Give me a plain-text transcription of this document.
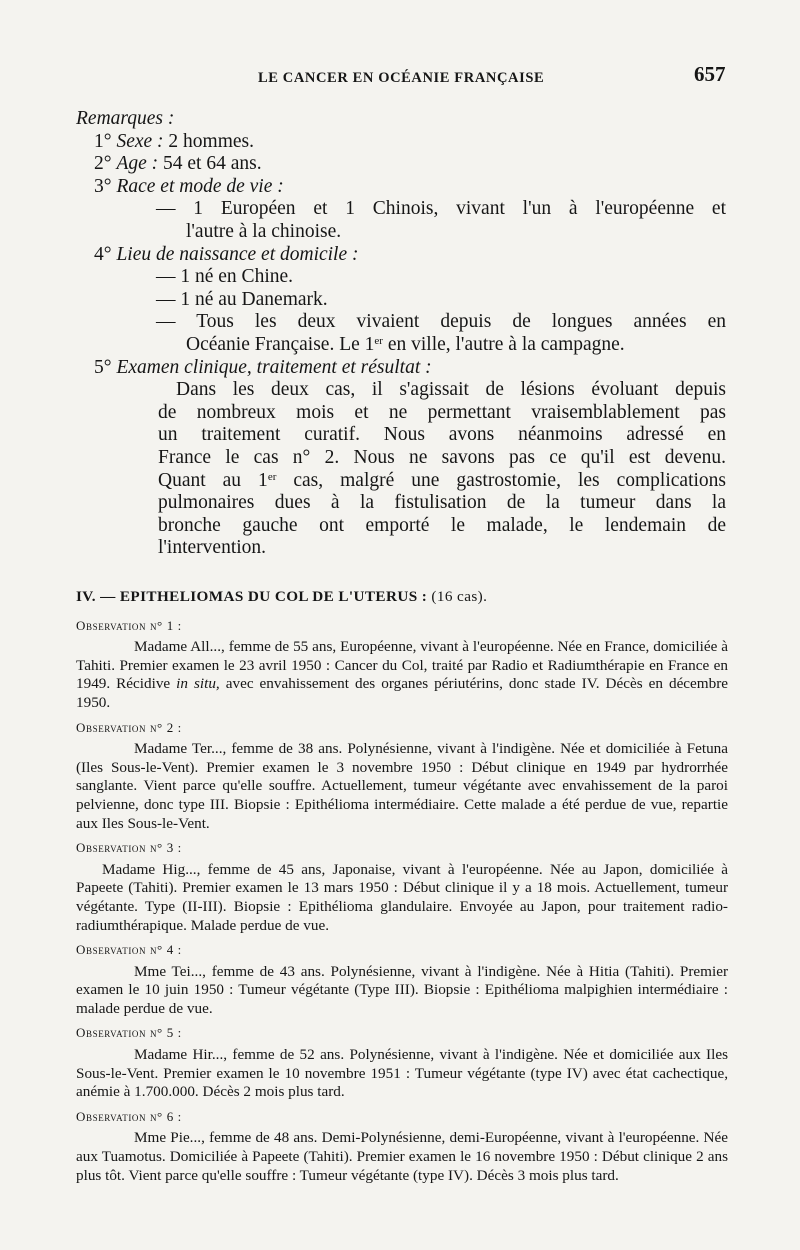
LE CANCER EN OCÉANIE FRANÇAISE	657
Remarques :
1° Sexe : 2 hommes.
2° Age : 54 et 64 ans.
3° Race et mode de vie :
— 1 Européen et 1 Chinois, vivant l'un à l'européenne et
l'autre à la chinoise.
4° Lieu de naissance et domicile :
— 1 né en Chine.
— 1 né au Danemark.
— Tous les deux vivaient depuis de longues années en
Océanie Française. Le 1er en ville, l'autre à la campagne.
5° Examen clinique, traitement et résultat :
Dans les deux cas, il s'agissait de lésions évoluant depuis
de nombreux mois et ne permettant vraisemblablement pas
un traitement curatif. Nous avons néanmoins adressé en
France le cas n° 2. Nous ne savons pas ce qu'il est devenu.
Quant au 1er cas, malgré une gastrostomie, les complications
pulmonaires dues à la fistulisation de la tumeur dans la
bronche gauche ont emporté le malade, le lendemain de
l'intervention.
IV. — EPITHELIOMAS DU COL DE L'UTERUS : (16 cas).
Observation n° 1 :

Madame All..., femme de 55 ans, Européenne, vivant à l'européenne. Née en France, domiciliée à Tahiti. Premier examen le 23 avril 1950 : Cancer du Col, traité par Radio et Radiumthérapie en France en 1949. Récidive in situ, avec envahissement des organes périutérins, donc stade IV. Décès en décembre 1950.

Observation n° 2 :

Madame Ter..., femme de 38 ans. Polynésienne, vivant à l'indigène. Née et domiciliée à Fetuna (Iles Sous-le-Vent). Premier examen le 3 novembre 1950 : Début clinique en 1949 par hydrorrhée sanglante. Vient parce qu'elle souffre. Actuellement, tumeur végétante avec envahissement de la paroi pelvienne, donc type III. Biopsie : Epithélioma intermédiaire. Cette malade a été perdue de vue, repartie aux Iles Sous-le-Vent.

Observation n° 3 :

Madame Hig..., femme de 45 ans, Japonaise, vivant à l'européenne. Née au Japon, domiciliée à Papeete (Tahiti). Premier examen le 13 mars 1950 : Début clinique il y a 18 mois. Actuellement, tumeur végétante. Type (II-III). Biopsie : Epithélioma glandulaire. Envoyée au Japon, pour traitement radio-radiumthérapique. Malade perdue de vue.

Observation n° 4 :

Mme Tei..., femme de 43 ans. Polynésienne, vivant à l'indigène. Née à Hitia (Tahiti). Premier examen le 10 juin 1950 : Tumeur végétante (Type III). Biopsie : Epithélioma malpighien intermédiaire : malade perdue de vue.

Observation n° 5 :

Madame Hir..., femme de 52 ans. Polynésienne, vivant à l'indigène. Née et domiciliée aux Iles Sous-le-Vent. Premier examen le 10 novembre 1951 : Tumeur végétante (type IV) avec état cachectique, anémie à 1.700.000. Décès 2 mois plus tard.

Observation n° 6 :

Mme Pie..., femme de 48 ans. Demi-Polynésienne, demi-Européenne, vivant à l'européenne. Née aux Tuamotus. Domiciliée à Papeete (Tahiti). Premier examen le 16 novembre 1950 : Début clinique 2 ans plus tôt. Vient parce qu'elle souffre : Tumeur végétante (type IV). Décès 3 mois plus tard.
